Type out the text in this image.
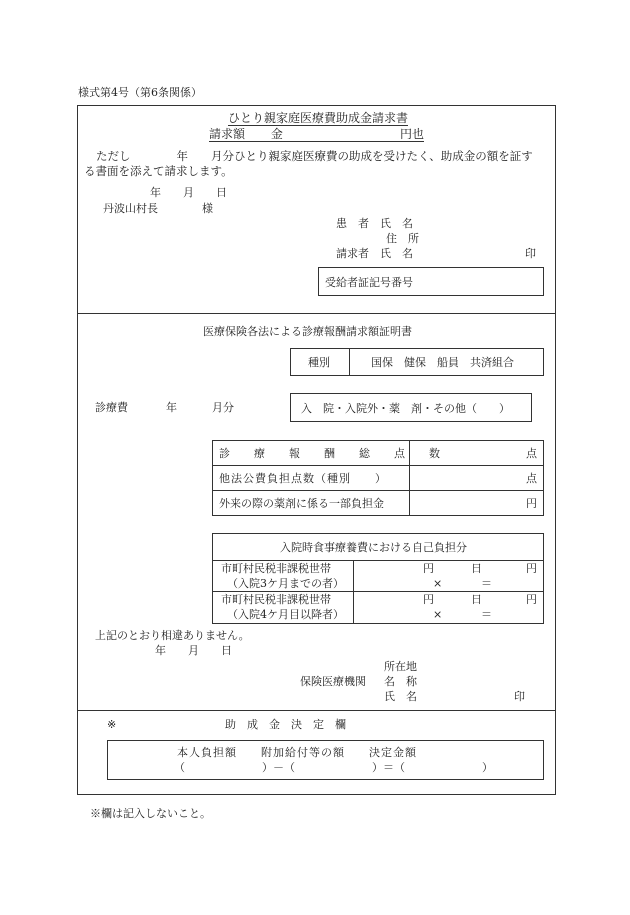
様式第4号（第6条関係）
ひとり親家庭医療費助成金請求書
請求額 金	円也
ただし　　　　年　　月分ひとり親家庭医療費の助成を受けたく、助成金の額を証す
る書面を添えて請求します。
年　　月　　日
丹波山村長　　　　様
患　者　氏　名
住　所
請求者　氏　名	印
受給者証記号番号
医療保険各法による診療報酬請求額証明書
種別	国保　健保　船員　共済組合
診療費	年	月分	入　院・入院外・薬　剤・その他（　　）
診　療　報　酬　総　点　数	点
他法公費負担点数（種別　　）	点
外来の際の薬剤に係る一部負担金	円
入院時食事療養費における自己負担分
市町村民税非課税世帯
（入院3ケ月までの者）
円	日	円
×	＝
市町村民税非課税世帯
（入院4ケ月目以降者）
円	日	円
×	＝
上記のとおり相違ありません。
年　　月　　日
所在地
保険医療機関 名　称
氏　名	印
※	助　成　金　決　定　欄
本人負担額　　附加給付等の額　　決定金額
（　　　　　　　）－（　　　　　　　）＝（　　　　　　　）
※欄は記入しないこと。
